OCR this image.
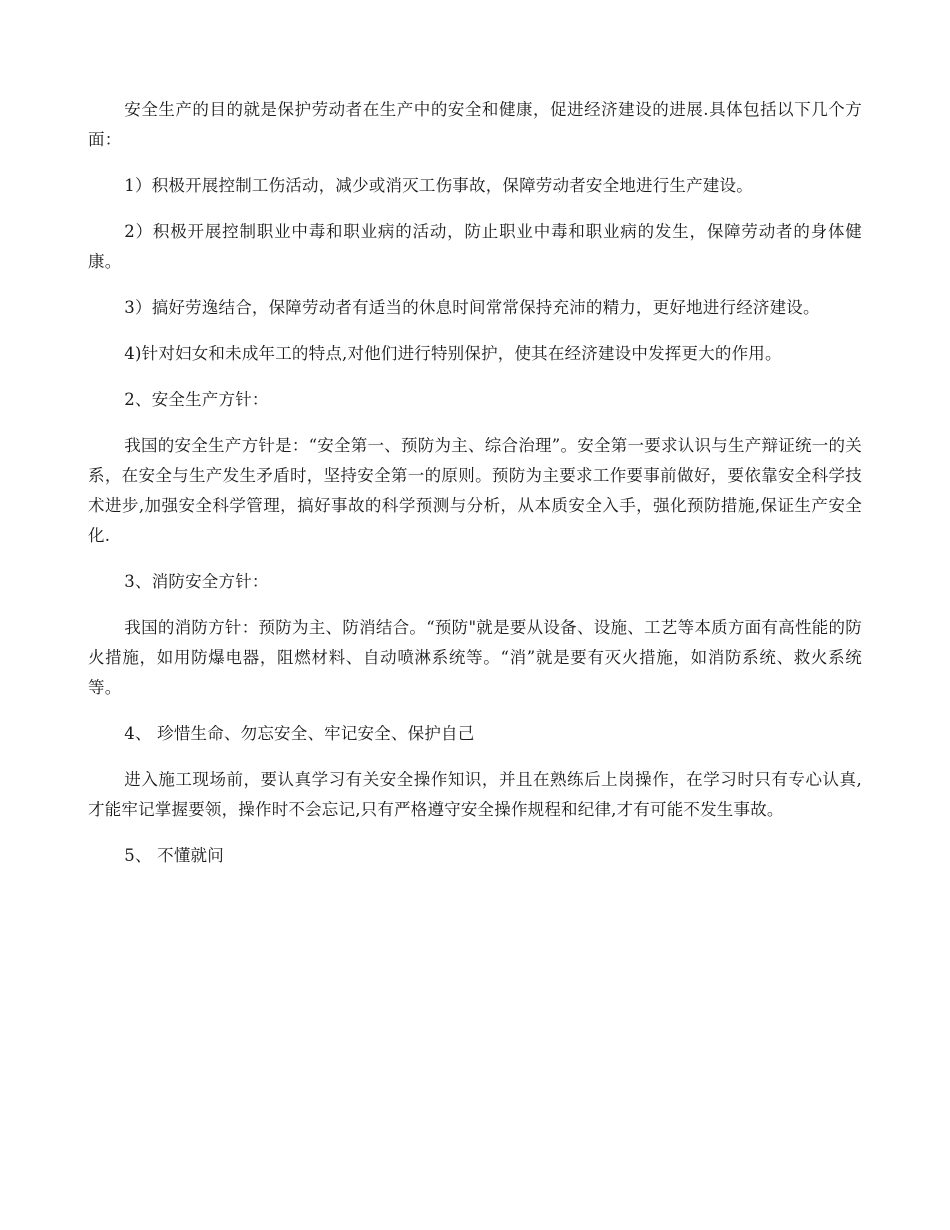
安全生产的目的就是保护劳动者在生产中的安全和健康，促进经济建设的进展.具体包括以下几个方面：

1）积极开展控制工伤活动，减少或消灭工伤事故，保障劳动者安全地进行生产建设。

2）积极开展控制职业中毒和职业病的活动，防止职业中毒和职业病的发生，保障劳动者的身体健康。

3）搞好劳逸结合，保障劳动者有适当的休息时间常常保持充沛的精力，更好地进行经济建设。

4)针对妇女和未成年工的特点,对他们进行特别保护，使其在经济建设中发挥更大的作用。

2、安全生产方针：

我国的安全生产方针是：“安全第一、预防为主、综合治理”。安全第一要求认识与生产辩证统一的关系，在安全与生产发生矛盾时，坚持安全第一的原则。预防为主要求工作要事前做好，要依靠安全科学技术进步,加强安全科学管理，搞好事故的科学预测与分析，从本质安全入手，强化预防措施,保证生产安全化.

3、消防安全方针：

我国的消防方针：预防为主、防消结合。“预防"就是要从设备、设施、工艺等本质方面有高性能的防火措施，如用防爆电器，阻燃材料、自动喷淋系统等。“消”就是要有灭火措施，如消防系统、救火系统等。

4、 珍惜生命、勿忘安全、牢记安全、保护自己

进入施工现场前，要认真学习有关安全操作知识，并且在熟练后上岗操作，在学习时只有专心认真,才能牢记掌握要领，操作时不会忘记,只有严格遵守安全操作规程和纪律,才有可能不发生事故。

5、 不懂就问
